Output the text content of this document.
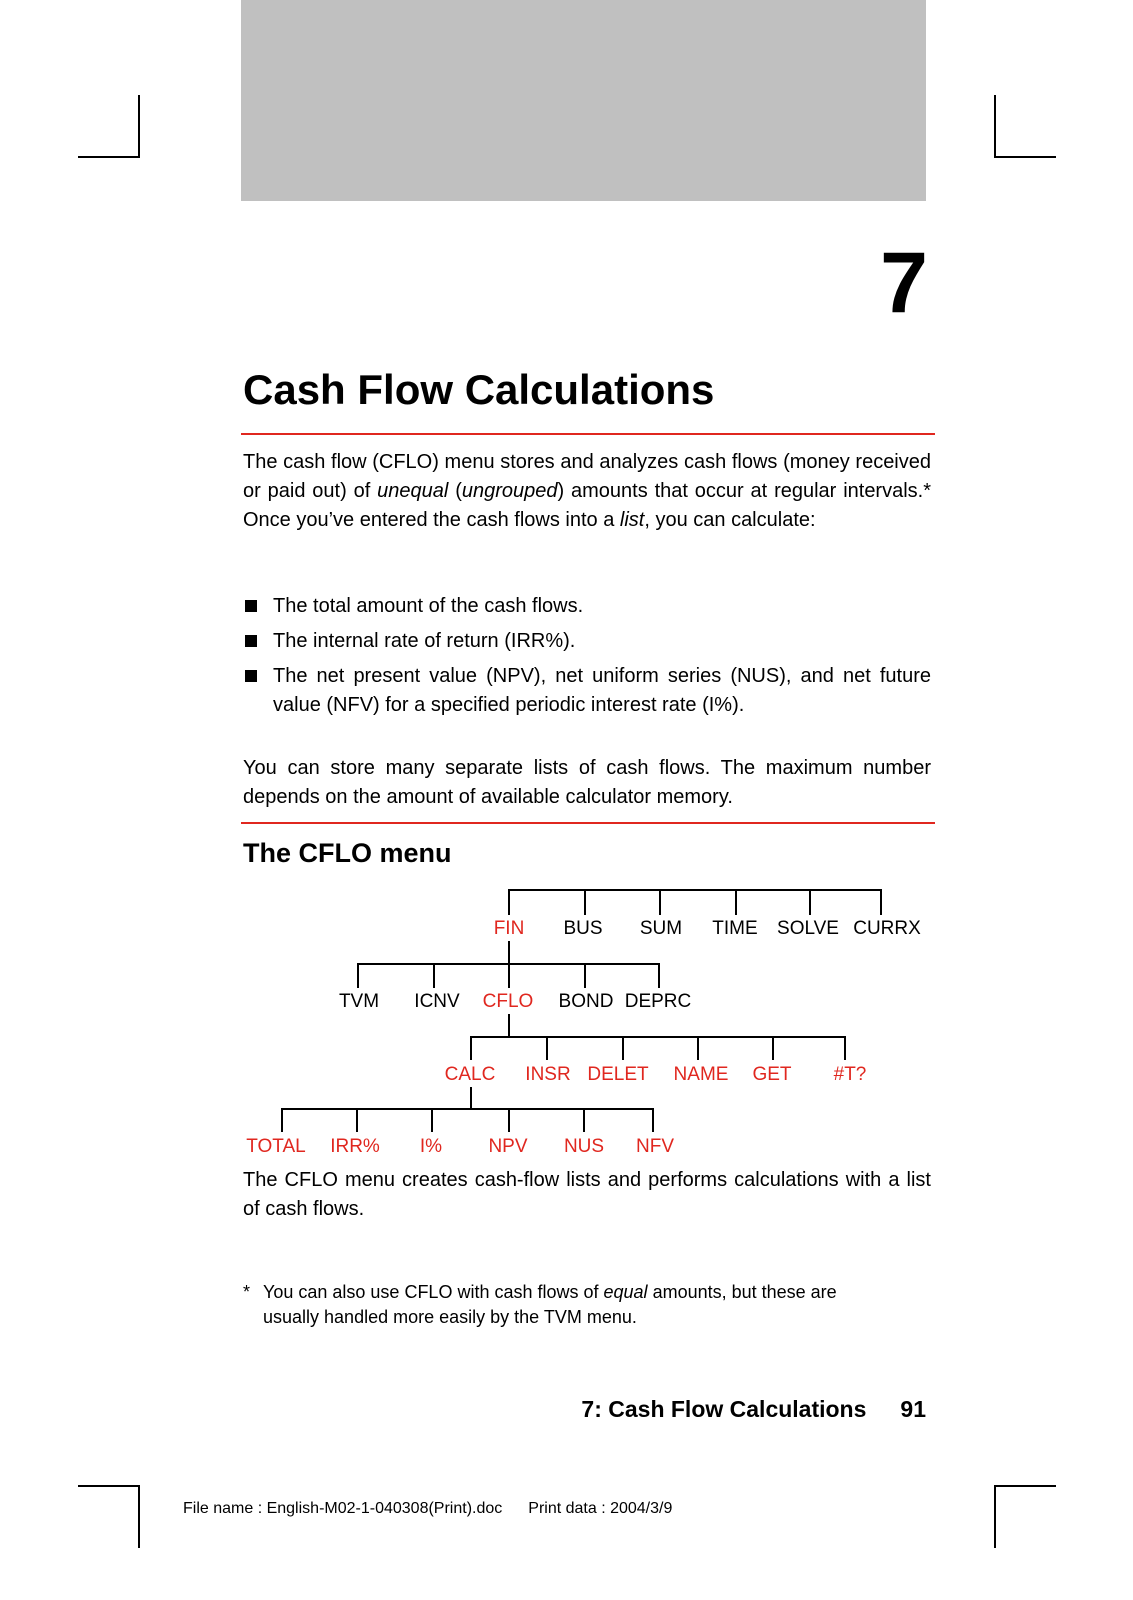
7
Cash Flow Calculations
The cash flow (CFLO) menu stores and analyzes cash flows (money received or paid out) of unequal (ungrouped) amounts that occur at regular intervals.* Once you’ve entered the cash flows into a list, you can calculate:
The total amount of the cash flows.
The internal rate of return (IRR%).
The net present value (NPV), net uniform series (NUS), and net future value (NFV) for a specified periodic interest rate (I%).
You can store many separate lists of cash flows. The maximum number depends on the amount of available calculator memory.
The CFLO menu
FIN BUS SUM TIME SOLVE CURRX
TVM ICNV CFLO BOND DEPRC
CALC INSR DELET NAME GET #T?
TOTAL IRR% I% NPV NUS NFV
The CFLO menu creates cash-flow lists and performs calculations with a list of cash flows.
* You can also use CFLO with cash flows of equal amounts, but these are usually handled more easily by the TVM menu.
7: Cash Flow Calculations 91
File name : English-M02-1-040308(Print).doc Print data : 2004/3/9
